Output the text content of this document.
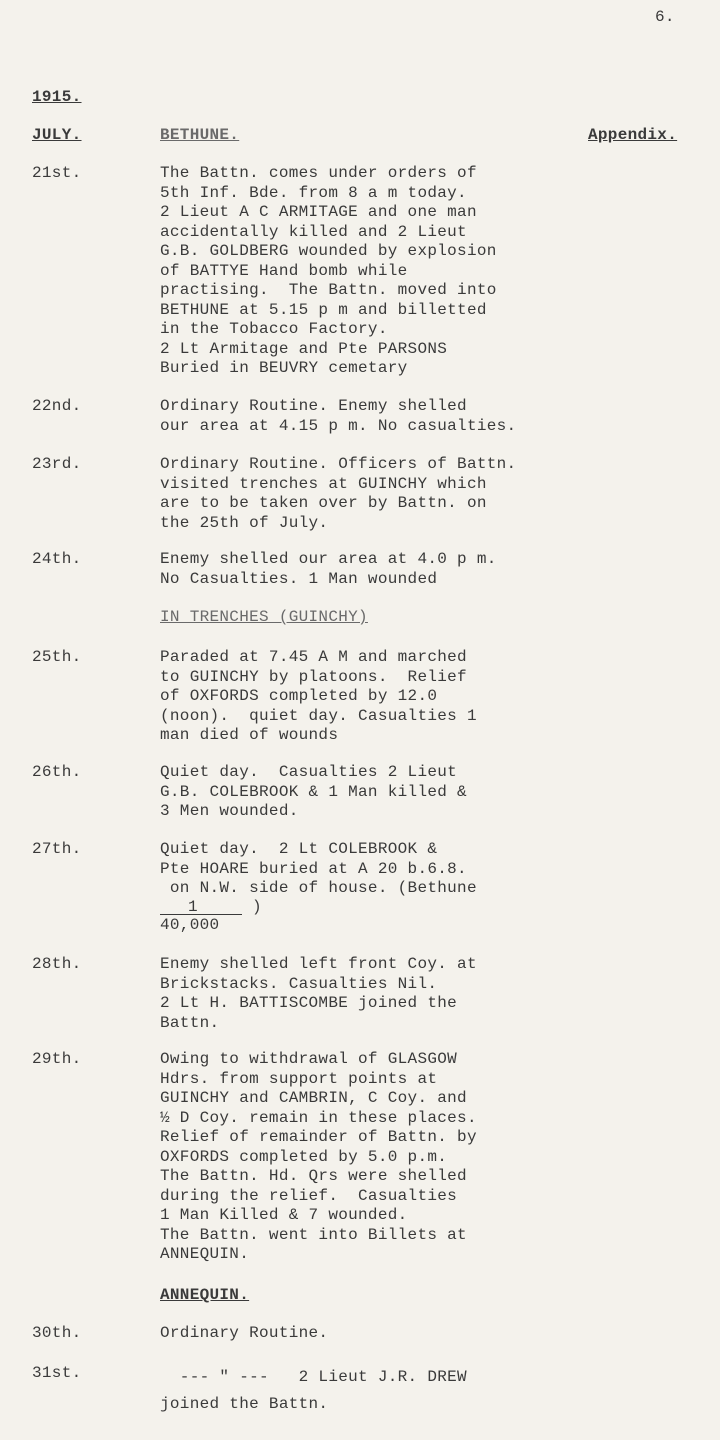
6.
1915.
JULY.	BETHUNE.	Appendix.
21st.	The Battn. comes under orders of
5th Inf. Bde. from 8 a m today.
2 Lieut A C ARMITAGE and one man
accidentally killed and 2 Lieut
G.B. GOLDBERG wounded by explosion
of BATTYE Hand bomb while
practising.  The Battn. moved into
BETHUNE at 5.15 p m and billetted
in the Tobacco Factory.
2 Lt Armitage and Pte PARSONS
Buried in BEUVRY cemetary
22nd.	Ordinary Routine. Enemy shelled
our area at 4.15 p m. No casualties.
23rd.	Ordinary Routine. Officers of Battn.
visited trenches at GUINCHY which
are to be taken over by Battn. on
the 25th of July.
24th.	Enemy shelled our area at 4.0 p m.
No Casualties. 1 Man wounded
IN TRENCHES (GUINCHY)
25th.	Paraded at 7.45 A M and marched
to GUINCHY by platoons.  Relief
of OXFORDS completed by 12.0
(noon).  quiet day. Casualties 1
man died of wounds
26th.	Quiet day.  Casualties 2 Lieut
G.B. COLEBROOK & 1 Man killed &
3 Men wounded.
27th.	Quiet day.  2 Lt COLEBROOK &
Pte HOARE buried at A 20 b.6.8.
on N.W. side of house. (Bethune
1	)
40,000
28th.	Enemy shelled left front Coy. at
Brickstacks. Casualties Nil.
2 Lt H. BATTISCOMBE joined the
Battn.
29th.	Owing to withdrawal of GLASGOW
Hdrs. from support points at
GUINCHY and CAMBRIN, C Coy. and
½ D Coy. remain in these places.
Relief of remainder of Battn. by
OXFORDS completed by 5.0 p.m.
The Battn. Hd. Qrs were shelled
during the relief.  Casualties
1 Man Killed & 7 wounded.
The Battn. went into Billets at
ANNEQUIN.
ANNEQUIN.
30th.	Ordinary Routine.
31st.	--- " ---   2 Lieut J.R. DREW
joined the Battn.
